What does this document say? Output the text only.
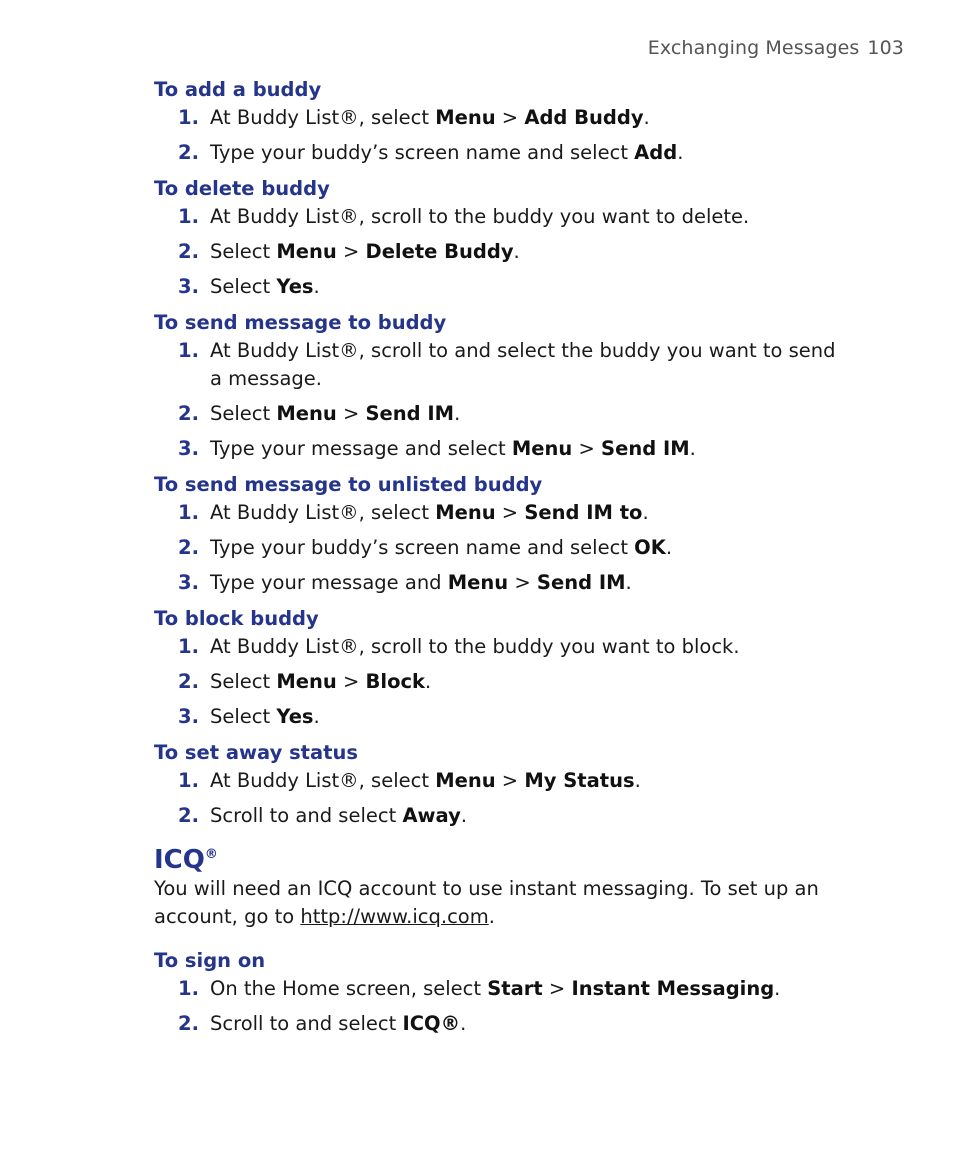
Exchanging Messages 103
To add a buddy
1. At Buddy List®, select Menu > Add Buddy.
2. Type your buddy’s screen name and select Add.
To delete buddy
1. At Buddy List®, scroll to the buddy you want to delete.
2. Select Menu > Delete Buddy.
3. Select Yes.
To send message to buddy
1. At Buddy List®, scroll to and select the buddy you want to send a message.
2. Select Menu > Send IM.
3. Type your message and select Menu > Send IM.
To send message to unlisted buddy
1. At Buddy List®, select Menu > Send IM to.
2. Type your buddy’s screen name and select OK.
3. Type your message and Menu > Send IM.
To block buddy
1. At Buddy List®, scroll to the buddy you want to block.
2. Select Menu > Block.
3. Select Yes.
To set away status
1. At Buddy List®, select Menu > My Status.
2. Scroll to and select Away.
ICQ®

You will need an ICQ account to use instant messaging. To set up an account, go to http://www.icq.com.

To sign on
1. On the Home screen, select Start > Instant Messaging.
2. Scroll to and select ICQ®.
